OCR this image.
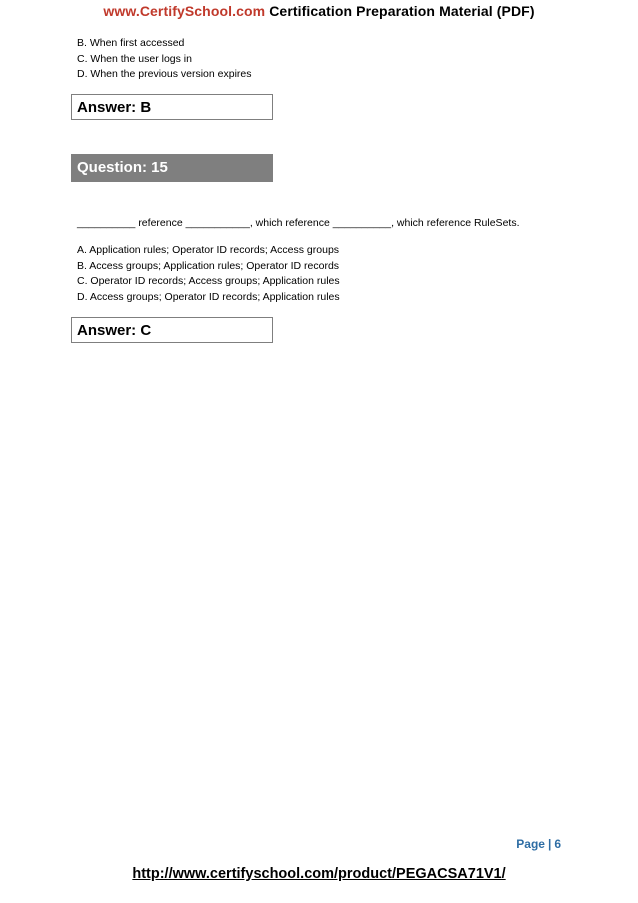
www.CertifySchool.com Certification Preparation Material (PDF)
B. When first accessed
C. When the user logs in
D. When the previous version expires
Answer: B
Question: 15
__________ reference ___________, which reference __________, which reference RuleSets.
A. Application rules; Operator ID records; Access groups
B. Access groups; Application rules; Operator ID records
C. Operator ID records; Access groups; Application rules
D. Access groups; Operator ID records; Application rules
Answer: C
Page | 6
http://www.certifyschool.com/product/PEGACSA71V1/
